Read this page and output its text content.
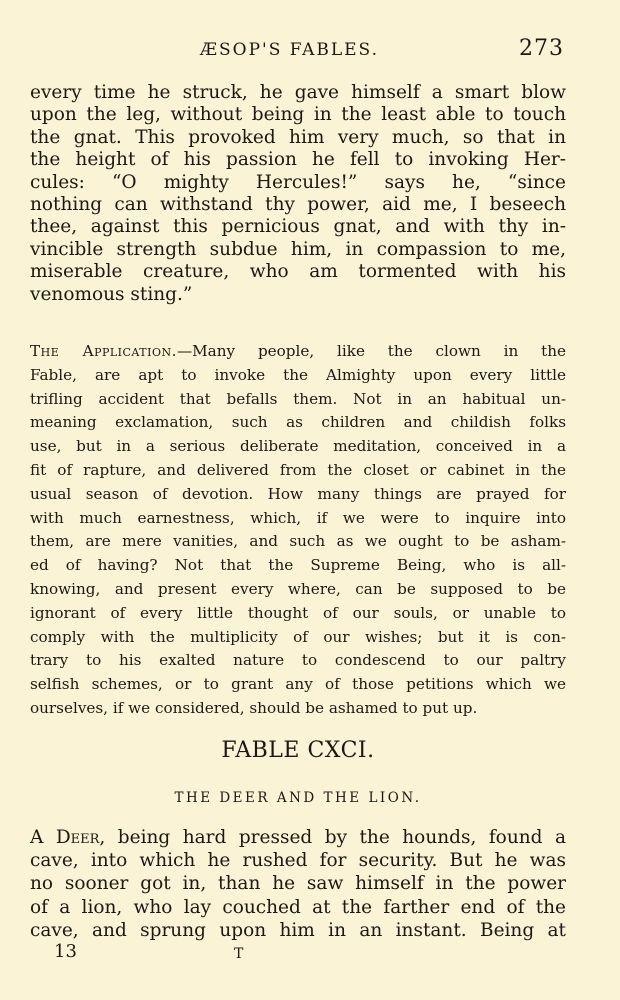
ÆSOP'S FABLES.	273
every time he struck, he gave himself a smart blow
upon the leg, without being in the least able to touch
the gnat. This provoked him very much, so that in
the height of his passion he fell to invoking Her-
cules: “O mighty Hercules!” says he, “since
nothing can withstand thy power, aid me, I beseech
thee, against this pernicious gnat, and with thy in-
vincible strength subdue him, in compassion to me,
miserable creature, who am tormented with his
venomous sting.”
The Application.—Many people, like the clown in the
Fable, are apt to invoke the Almighty upon every little
trifling accident that befalls them. Not in an habitual un-
meaning exclamation, such as children and childish folks
use, but in a serious deliberate meditation, conceived in a
fit of rapture, and delivered from the closet or cabinet in the
usual season of devotion. How many things are prayed for
with much earnestness, which, if we were to inquire into
them, are mere vanities, and such as we ought to be asham-
ed of having? Not that the Supreme Being, who is all-
knowing, and present every where, can be supposed to be
ignorant of every little thought of our souls, or unable to
comply with the multiplicity of our wishes; but it is con-
trary to his exalted nature to condescend to our paltry
selfish schemes, or to grant any of those petitions which we
ourselves, if we considered, should be ashamed to put up.
FABLE CXCI.
THE DEER AND THE LION.
A Deer, being hard pressed by the hounds, found a
cave, into which he rushed for security. But he was
no sooner got in, than he saw himself in the power
of a lion, who lay couched at the farther end of the
cave, and sprung upon him in an instant. Being at
13	T
